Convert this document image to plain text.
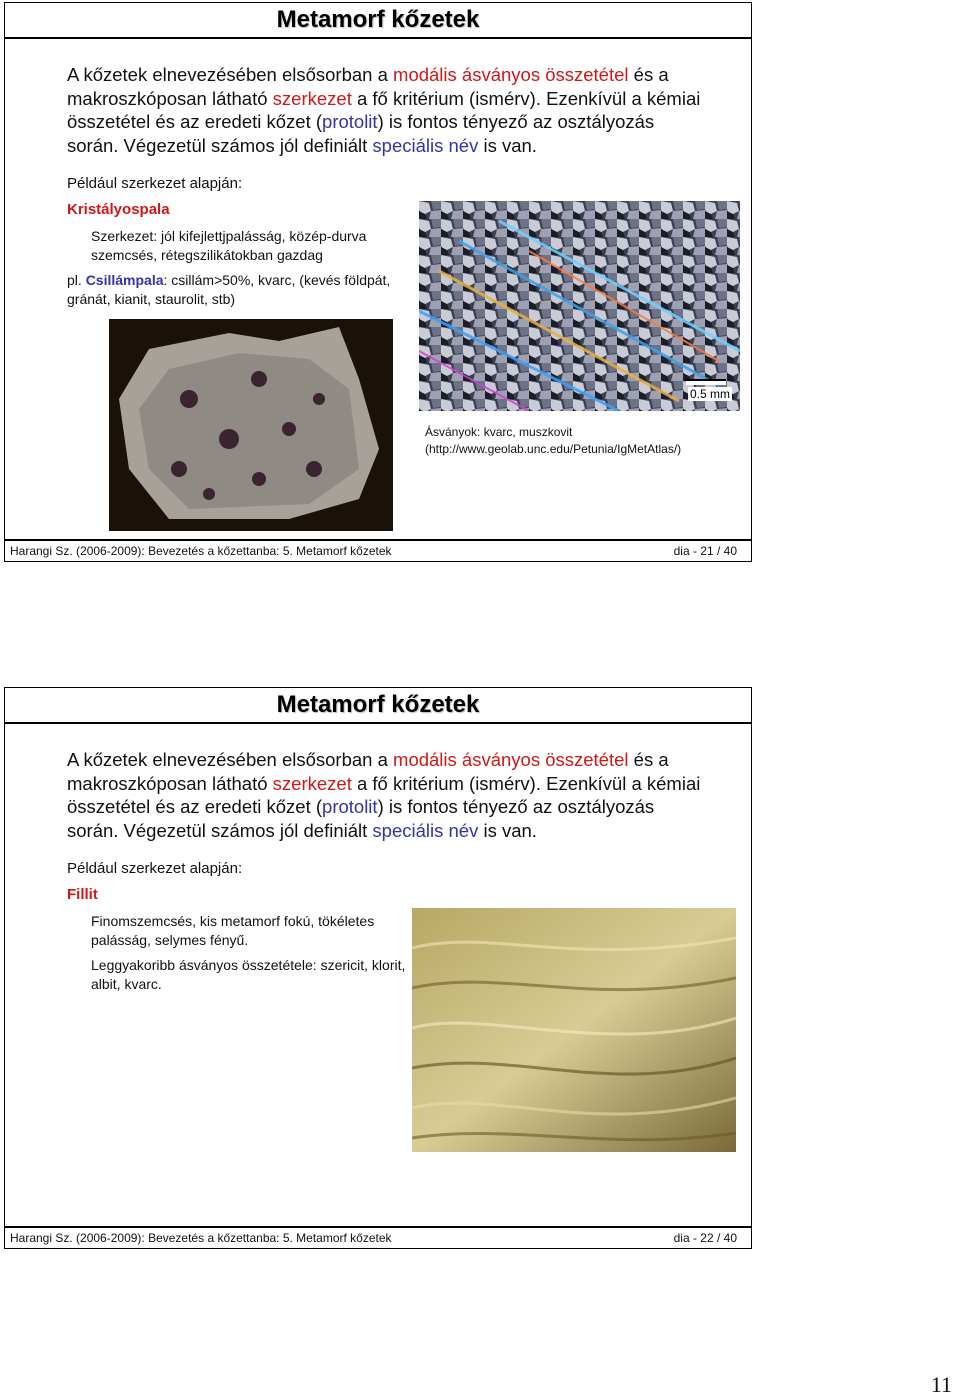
Metamorf kőzetek
A kőzetek elnevezésében elsősorban a modális ásványos összetétel és a makroszkóposan látható szerkezet a fő kritérium (ismérv). Ezenkívül a kémiai összetétel és az eredeti kőzet (protolit) is fontos tényező az osztályozás során. Végezetül számos jól definiált speciális név is van.
Például szerkezet alapján:
Kristályospala
Szerkezet: jól kifejlettjpalásság, közép-durva szemcsés, rétegszilikátokban gazdag
pl. Csillámpala: csillám>50%, kvarc, (kevés földpát, gránát, kianit, staurolit, stb)
0.5 mm
Ásványok: kvarc, muszkovit
(http://www.geolab.unc.edu/Petunia/IgMetAtlas/)
Harangi Sz. (2006-2009): Bevezetés a kőzettanba: 5. Metamorf kőzetek	dia - 21 / 40
Metamorf kőzetek
A kőzetek elnevezésében elsősorban a modális ásványos összetétel és a makroszkóposan látható szerkezet a fő kritérium (ismérv). Ezenkívül a kémiai összetétel és az eredeti kőzet (protolit) is fontos tényező az osztályozás során. Végezetül számos jól definiált speciális név is van.
Például szerkezet alapján:
Fillit
Finomszemcsés, kis metamorf fokú, tökéletes palásság, selymes fényű.
Leggyakoribb ásványos összetétele: szericit, klorit, albit, kvarc.
Harangi Sz. (2006-2009): Bevezetés a kőzettanba: 5. Metamorf kőzetek	dia - 22 / 40
11
